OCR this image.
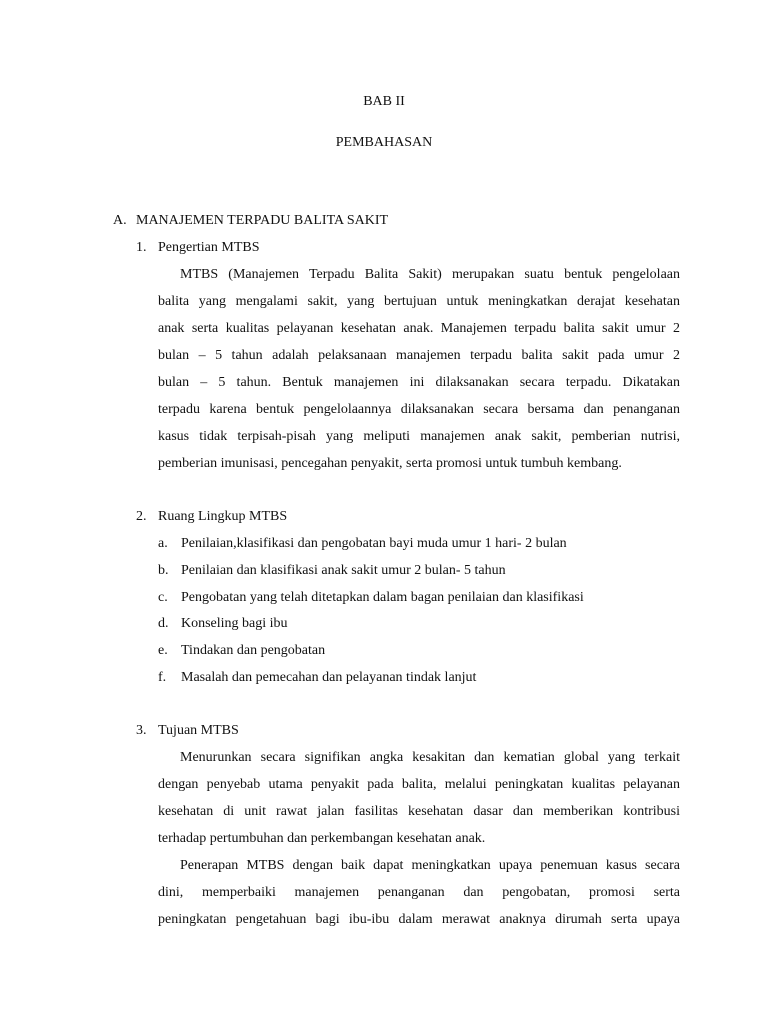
BAB II
PEMBAHASAN
A. MANAJEMEN TERPADU BALITA SAKIT
1. Pengertian MTBS
MTBS (Manajemen Terpadu Balita Sakit) merupakan suatu bentuk pengelolaan
balita yang mengalami sakit, yang bertujuan untuk meningkatkan derajat kesehatan
anak serta kualitas pelayanan kesehatan anak. Manajemen terpadu balita sakit umur 2
bulan – 5 tahun adalah pelaksanaan manajemen terpadu balita sakit pada umur 2
bulan – 5 tahun. Bentuk manajemen ini dilaksanakan secara terpadu. Dikatakan
terpadu karena bentuk pengelolaannya dilaksanakan secara bersama dan penanganan
kasus tidak terpisah-pisah yang meliputi manajemen anak sakit, pemberian nutrisi,
pemberian imunisasi, pencegahan penyakit, serta promosi untuk tumbuh kembang.
2. Ruang Lingkup MTBS
a. Penilaian,klasifikasi dan pengobatan bayi muda umur 1 hari- 2 bulan
b. Penilaian dan klasifikasi anak sakit umur 2 bulan- 5 tahun
c. Pengobatan yang telah ditetapkan dalam bagan penilaian dan klasifikasi
d. Konseling bagi ibu
e. Tindakan dan pengobatan
f. Masalah dan pemecahan dan pelayanan tindak lanjut
3. Tujuan MTBS
Menurunkan secara signifikan angka kesakitan dan kematian global yang terkait
dengan penyebab utama penyakit pada balita, melalui peningkatan kualitas pelayanan
kesehatan di unit rawat jalan fasilitas kesehatan dasar dan memberikan kontribusi
terhadap pertumbuhan dan perkembangan kesehatan anak.
Penerapan MTBS dengan baik dapat meningkatkan upaya penemuan kasus secara
dini, memperbaiki manajemen penanganan dan pengobatan, promosi serta
peningkatan pengetahuan bagi ibu-ibu dalam merawat anaknya dirumah serta upaya
